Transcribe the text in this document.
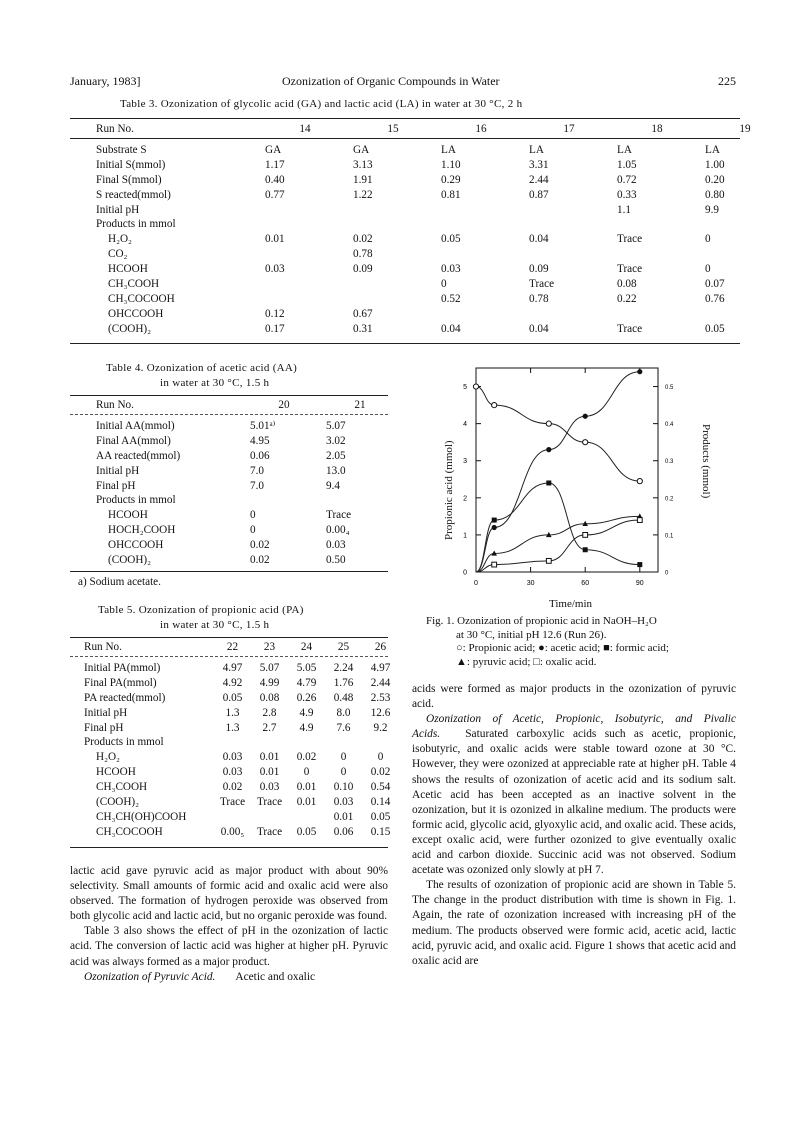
January, 1983]	Ozonization of Organic Compounds in Water	225
Table 3. Ozonization of glycolic acid (GA) and lactic acid (LA) in water at 30 °C, 2 h
Run No.	14	15	16	17	18	19
Substrate S	GA	GA	LA	LA	LA	LA
Initial S(mmol)	1.17	3.13	1.10	3.31	1.05	1.00
Final S(mmol)	0.40	1.91	0.29	2.44	0.72	0.20
S reacted(mmol)	0.77	1.22	0.81	0.87	0.33	0.80
Initial pH					1.1	9.9
Products in mmol						
H₂O₂	0.01	0.02	0.05	0.04	Trace	0
CO₂		0.78				
HCOOH	0.03	0.09	0.03	0.09	Trace	0
CH₃COOH			0	Trace	0.08	0.07
CH₃COCOOH			0.52	0.78	0.22	0.76
OHCCOOH	0.12	0.67				
(COOH)₂	0.17	0.31	0.04	0.04	Trace	0.05
Table 4. Ozonization of acetic acid (AA)
in water at 30 °C, 1.5 h
Run No.	20	21
Initial AA(mmol)	5.01ᵃ⁾	5.07
Final AA(mmol)	4.95	3.02
AA reacted(mmol)	0.06	2.05
Initial pH	7.0	13.0
Final pH	7.0	9.4
Products in mmol		
HCOOH	0	Trace
HOCH₂COOH	0	0.00₄
OHCCOOH	0.02	0.03
(COOH)₂	0.02	0.50
a) Sodium acetate.
Table 5. Ozonization of propionic acid (PA)
in water at 30 °C, 1.5 h
Run No.	22	23	24	25	26
Initial PA(mmol)	4.97	5.07	5.05	2.24	4.97
Final PA(mmol)	4.92	4.99	4.79	1.76	2.44
PA reacted(mmol)	0.05	0.08	0.26	0.48	2.53
Initial pH	1.3	2.8	4.9	8.0	12.6
Final pH	1.3	2.7	4.9	7.6	9.2
Products in mmol					
H₂O₂	0.03	0.01	0.02	0	0
HCOOH	0.03	0.01	0	0	0.02
CH₃COOH	0.02	0.03	0.01	0.10	0.54
(COOH)₂	Trace	Trace	0.01	0.03	0.14
CH₃CH(OH)COOH				0.01	0.05
CH₃COCOOH	0.00₅	Trace	0.05	0.06	0.15

lactic acid gave pyruvic acid as major product with about 90% selectivity. Small amounts of formic acid and oxalic acid were also observed. The formation of hydrogen peroxide was observed from both glycolic acid and lactic acid, but no organic peroxide was found.

Table 3 also shows the effect of pH in the ozonization of lactic acid. The conversion of lactic acid was higher at higher pH. Pyruvic acid was always formed as a major product.

Ozonization of Pyruvic Acid. Acetic and oxalic

0	30	60	90
0
1
2
3
4
5
0
0.1
0.2
0.3
0.4
0.5
Propionic acid (mmol)	Products (mmol)
Time/min
Fig. 1. Ozonization of propionic acid in NaOH–H₂O
at 30 °C, initial pH 12.6 (Run 26).
○: Propionic acid; ●: acetic acid; ■: formic acid;
▲: pyruvic acid; □: oxalic acid.

acids were formed as major products in the ozonization of pyruvic acid.

Ozonization of Acetic, Propionic, Isobutyric, and Pivalic Acids. Saturated carboxylic acids such as acetic, propionic, isobutyric, and oxalic acids were stable toward ozone at 30 °C. However, they were ozonized at appreciable rate at higher pH. Table 4 shows the results of ozonization of acetic acid and its sodium salt. Acetic acid has been accepted as an inactive solvent in the ozonization, but it is ozonized in alkaline medium. The products were formic acid, glycolic acid, glyoxylic acid, and oxalic acid. These acids, except oxalic acid, were further ozonized to give eventually oxalic acid and carbon dioxide. Succinic acid was not observed. Sodium acetate was ozonized only slowly at pH 7.

The results of ozonization of propionic acid are shown in Table 5. The change in the product distribution with time is shown in Fig. 1. Again, the rate of ozonization increased with increasing pH of the medium. The products observed were formic acid, acetic acid, lactic acid, pyruvic acid, and oxalic acid. Figure 1 shows that acetic acid and oxalic acid are
